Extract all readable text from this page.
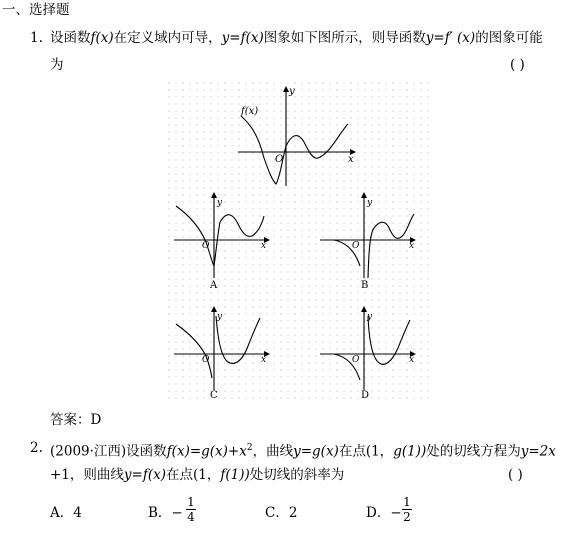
一、选择题
1. 设函数f(x)在定义域内可导，y=f(x)图象如下图所示，则导函数y=f′ (x)的图象可能
为	( )
f(x)
y
x
O
y
x
O
A
y
x
O
B
y
x
O
C
y
x
O
D
答案：D
2. (2009·江西)设函数$f(x)=g(x)+x^2$，曲线y=g(x)在点(1，g(1))处的切线方程为y=2x
+1，则曲线y=f(x)在点(1，f(1))处切线的斜率为	( )
A．4	B．−
1
4	C．2	D．−
1
2
